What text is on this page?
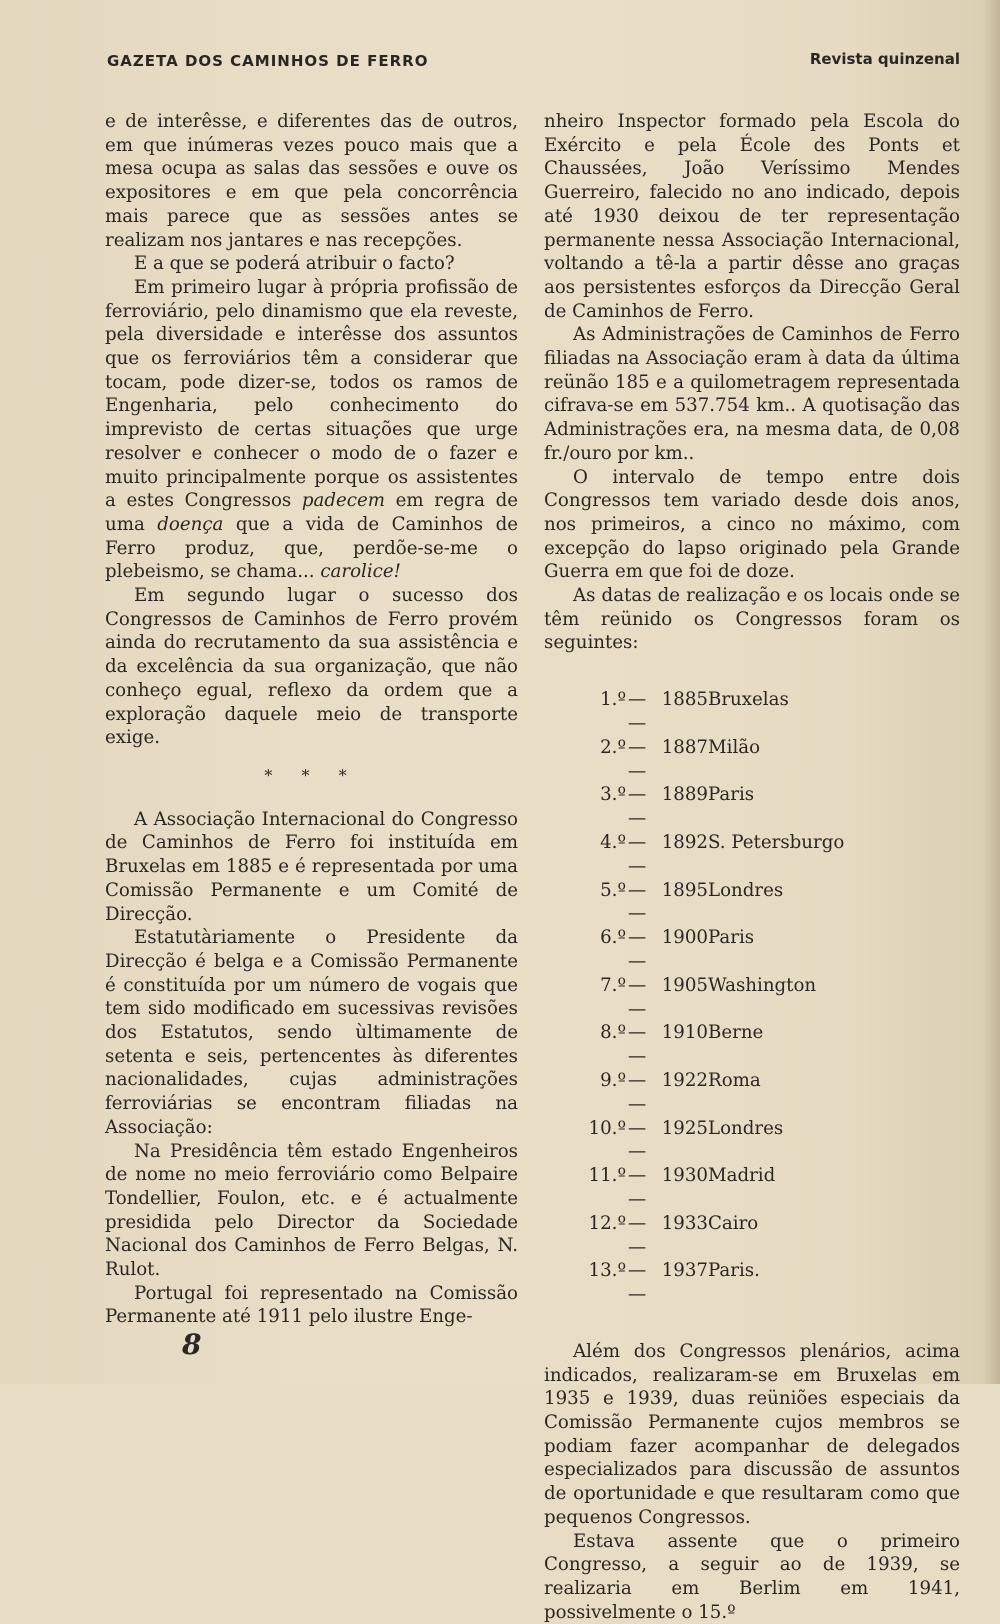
GAZETA DOS CAMINHOS DE FERRO	Revista quinzenal

e de interêsse, e diferentes das de outros, em que inúmeras vezes pouco mais que a mesa ocupa as salas das sessões e ouve os expositores e em que pela concorrência mais parece que as sessões antes se realizam nos jantares e nas recepções.

E a que se poderá atribuir o facto?

Em primeiro lugar à própria profissão de ferroviário, pelo dinamismo que ela reveste, pela diversidade e interêsse dos assuntos que os ferroviários têm a considerar que tocam, pode dizer-se, todos os ramos de Engenharia, pelo conhecimento do imprevisto de certas situações que urge resolver e conhecer o modo de o fazer e muito principalmente porque os assistentes a estes Congressos padecem em regra de uma doença que a vida de Caminhos de Ferro produz, que, perdõe-se-me o plebeismo, se chama... carolice!

Em segundo lugar o sucesso dos Congressos de Caminhos de Ferro provém ainda do recrutamento da sua assistência e da excelência da sua organização, que não conheço egual, reflexo da ordem que a exploração daquele meio de transporte exige.

* * *

A Associação Internacional do Congresso de Caminhos de Ferro foi instituída em Bruxelas em 1885 e é representada por uma Comissão Permanente e um Comité de Direcção.

Estatutàriamente o Presidente da Direcção é belga e a Comissão Permanente é constituída por um número de vogais que tem sido modificado em sucessivas revisões dos Estatutos, sendo ùltimamente de setenta e seis, pertencentes às diferentes nacionalidades, cujas administrações ferroviárias se encontram filiadas na Associação:

Na Presidência têm estado Engenheiros de nome no meio ferroviário como Belpaire Tondellier, Foulon, etc. e é actualmente presidida pelo Director da Sociedade Nacional dos Caminhos de Ferro Belgas, N. Rulot.

Portugal foi representado na Comissão Permanente até 1911 pelo ilustre Enge-

nheiro Inspector formado pela Escola do Exército e pela École des Ponts et Chaussées, João Veríssimo Mendes Guerreiro, falecido no ano indicado, depois até 1930 deixou de ter representação permanente nessa Associação Internacional, voltando a tê-la a partir dêsse ano graças aos persistentes esforços da Direcção Geral de Caminhos de Ferro.

As Administrações de Caminhos de Ferro filiadas na Associação eram à data da última reünão 185 e a quilometragem representada cifrava-se em 537.754 km.. A quotisação das Administrações era, na mesma data, de 0,08 fr./ouro por km..

O intervalo de tempo entre dois Congressos tem variado desde dois anos, nos primeiros, a cinco no máximo, com excepção do lapso originado pela Grande Guerra em que foi de doze.

As datas de realização e os locais onde se têm reünido os Congressos foram os seguintes:

1.º — 1885 —
Bruxelas
2.º — 1887 —
Milão
3.º — 1889 —
Paris
4.º — 1892 —
S. Petersburgo
5.º — 1895 —
Londres
6.º — 1900 —
Paris
7.º — 1905 —
Washington
8.º — 1910 —
Berne
9.º — 1922 —
Roma
10.º — 1925 —
Londres
11.º — 1930 —
Madrid
12.º — 1933 —
Cairo
13.º — 1937 —
Paris.

Além dos Congressos plenários, acima indicados, realizaram-se em Bruxelas em 1935 e 1939, duas reüniões especiais da Comissão Permanente cujos membros se podiam fazer acompanhar de delegados especializados para discussão de assuntos de oportunidade e que resultaram como que pequenos Congressos.

Estava assente que o primeiro Congresso, a seguir ao de 1939, se realizaria em Berlim em 1941, possivelmente o 15.º

8
